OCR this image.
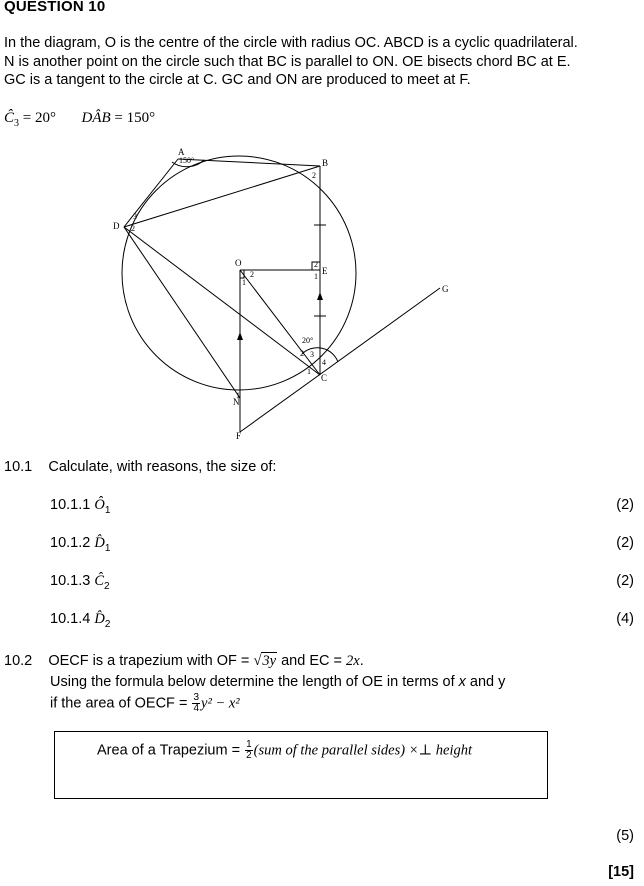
QUESTION 10
In the diagram, O is the centre of the circle with radius OC. ABCD is a cyclic quadrilateral.
N is another point on the circle such that BC is parallel to ON. OE bisects chord BC at E.
GC is a tangent to the circle at C. GC and ON are produced to meet at F.
$Ĉ_3 = 20^\circ$ DÂB = 150°
A
B
C
D
E
F
G
N
O
150°
20°
2
3
2
2
1
2
1
2 3
4
1
1
10.1 Calculate, with reasons, the size of:
10.1.1 $Ô_1$	(2)
10.1.2 $D̂_1$	(2)
10.1.3 $Ĉ_2$	(2)
10.1.4 $D̂_2$	(4)
10.2 OECF is a trapezium with OF = √3y and EC = 2x.
Using the formula below determine the length of OE in terms of x and y
if the area of OECF = $\frac{3}{4} y^2 - x^2$
Area of a Trapezium = $\frac{1}{2} (sum$ of the parallel sides) ×⊥ height
(5)
[15]
